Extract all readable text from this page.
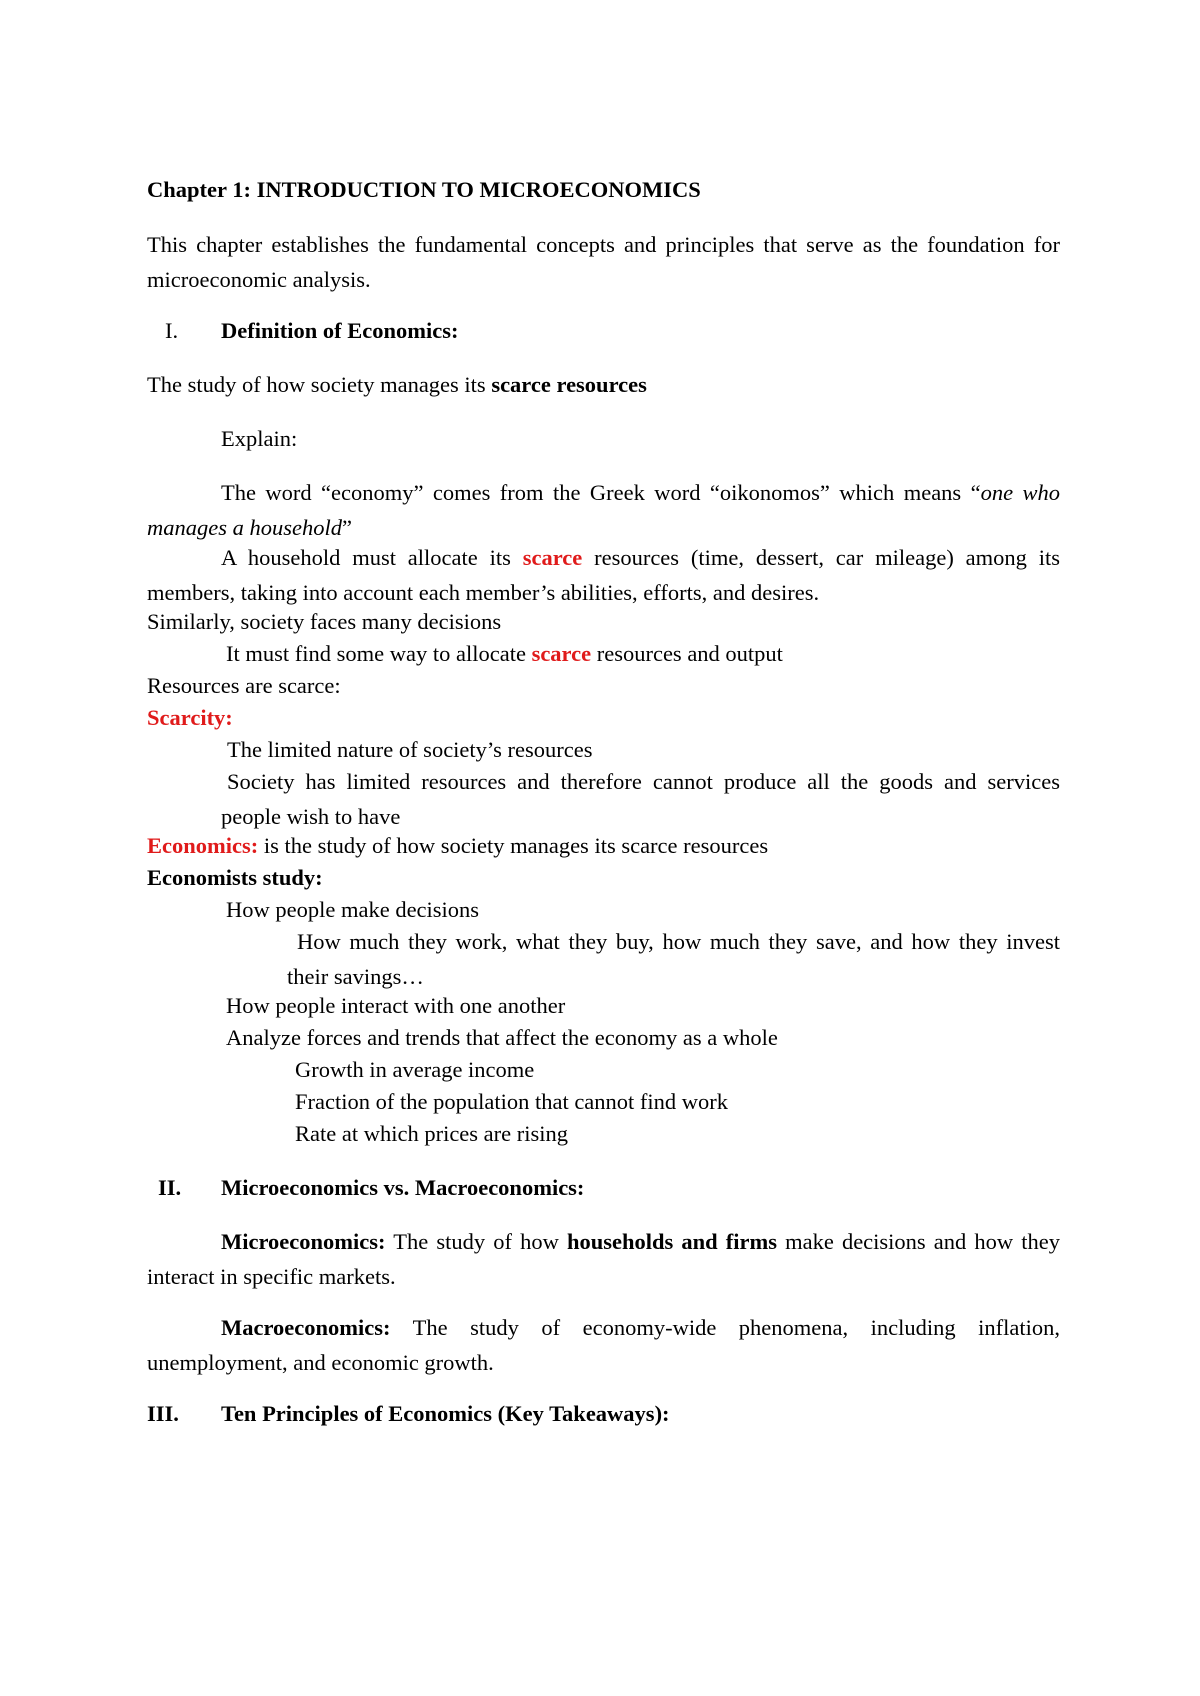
Chapter 1: INTRODUCTION TO MICROECONOMICS
This chapter establishes the fundamental concepts and principles that serve as the foundation for microeconomic analysis.
I.	Definition of Economics:
The study of how society manages its scarce resources
Explain:
The word “economy” comes from the Greek word “oikonomos” which means “one who manages a household”
A household must allocate its scarce resources (time, dessert, car mileage) among its members, taking into account each member’s abilities, efforts, and desires.
Similarly, society faces many decisions
It must find some way to allocate scarce resources and output
Resources are scarce:
Scarcity:
The limited nature of society’s resources
Society has limited resources and therefore cannot produce all the goods and services people wish to have
Economics: is the study of how society manages its scarce resources
Economists study:
How people make decisions
How much they work, what they buy, how much they save, and how they invest their savings…
How people interact with one another
Analyze forces and trends that affect the economy as a whole
Growth in average income
Fraction of the population that cannot find work
Rate at which prices are rising
II.	Microeconomics vs. Macroeconomics:
Microeconomics: The study of how households and firms make decisions and how they interact in specific markets.
Macroeconomics: The study of economy-wide phenomena, including inflation, unemployment, and economic growth.
III.	Ten Principles of Economics (Key Takeaways):
